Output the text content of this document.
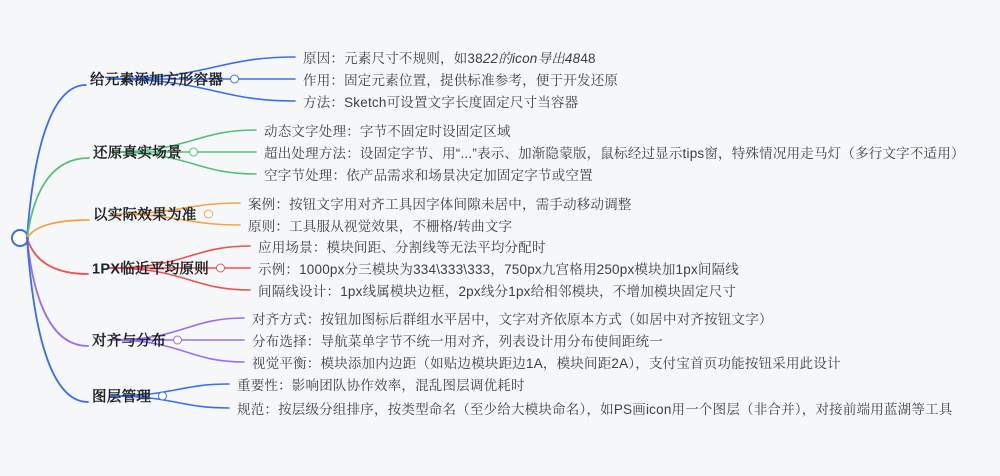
给元素添加方形容器
原因：元素尺寸不规则，如3822的icon导出4848
作用：固定元素位置，提供标准参考，便于开发还原
方法：Sketch可设置文字长度固定尺寸当容器
还原真实场景
动态文字处理：字节不固定时设固定区域
超出处理方法：设固定字节、用“...”表示、加渐隐蒙版，鼠标经过显示tips窗，特殊情况用走马灯（多行文字不适用）
空字节处理：依产品需求和场景决定加固定字节或空置
以实际效果为准
案例：按钮文字用对齐工具因字体间隙未居中，需手动移动调整
原则：工具服从视觉效果，不栅格/转曲文字
1PX临近平均原则
应用场景：模块间距、分割线等无法平均分配时
示例：1000px分三模块为334\333\333，750px九宫格用250px模块加1px间隔线
间隔线设计：1px线属模块边框，2px线分1px给相邻模块，不增加模块固定尺寸
对齐与分布
对齐方式：按钮加图标后群组水平居中，文字对齐依原本方式（如居中对齐按钮文字）
分布选择：导航菜单字节不统一用对齐，列表设计用分布使间距统一
视觉平衡：模块添加内边距（如贴边模块距边1A，模块间距2A），支付宝首页功能按钮采用此设计
图层管理
重要性：影响团队协作效率，混乱图层调优耗时
规范：按层级分组排序，按类型命名（至少给大模块命名），如PS画icon用一个图层（非合并），对接前端用蓝湖等工具
